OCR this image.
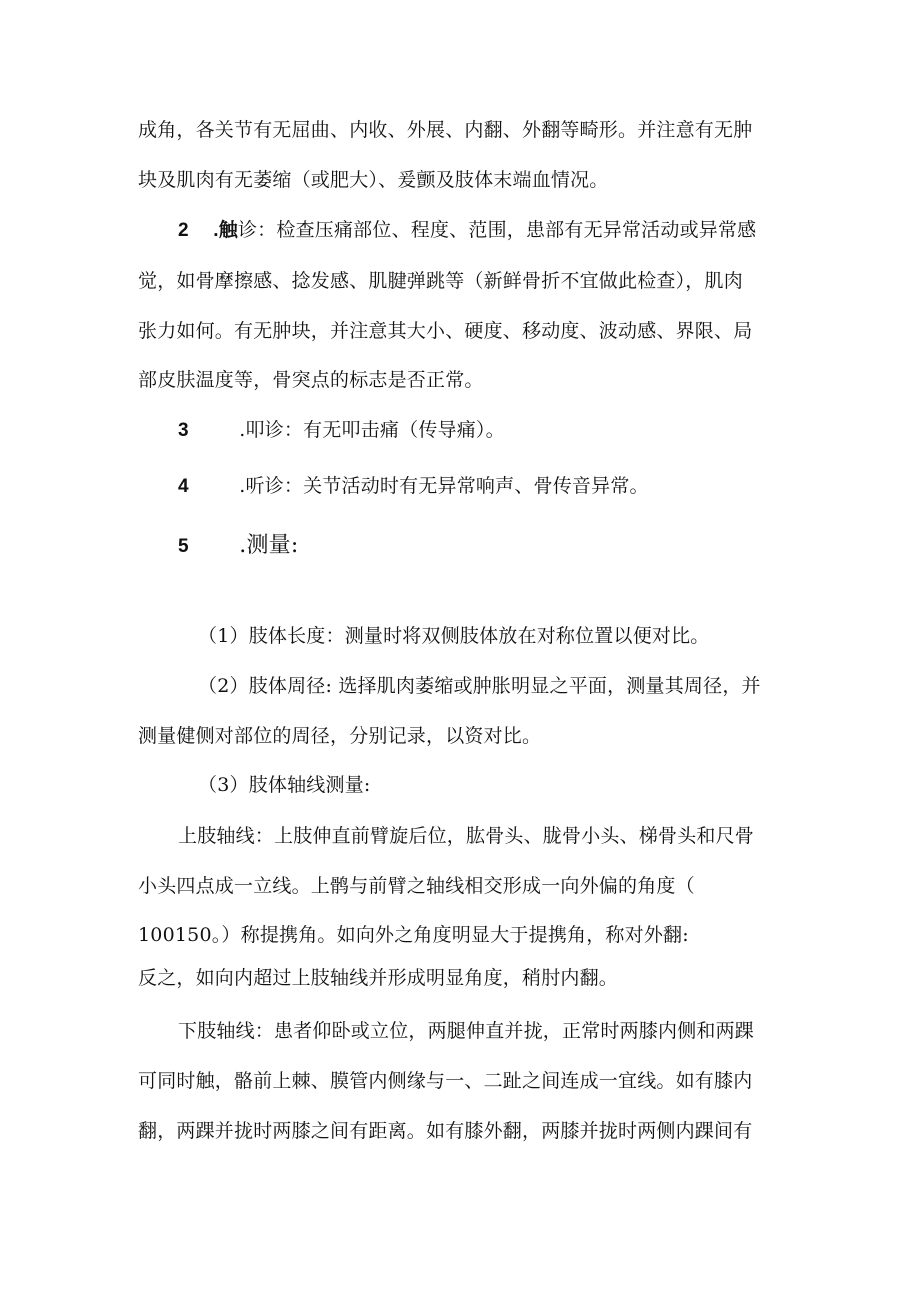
成角，各关节有无屈曲、内收、外展、内翻、外翻等畸形。并注意有无肿
块及肌肉有无萎缩（或肥大）、爰颤及肢体末端血情况。
2 .触诊：检查压痛部位、程度、范围，患部有无异常活动或异常感
觉，如骨摩擦感、捻发感、肌腱弹跳等（新鲜骨折不宜做此检查），肌肉
张力如何。有无肿块，并注意其大小、硬度、移动度、波动感、界限、局
部皮肤温度等，骨突点的标志是否正常。
3	.叩诊：有无叩击痛（传导痛）。
4	.听诊：关节活动时有无异常响声、骨传音异常。
5 .测量:
（1）肢体长度：测量时将双侧肢体放在对称位置以便对比。
（2）肢体周径: 选择肌肉萎缩或肿胀明显之平面，测量其周径，并
测量健侧对部位的周径，分别记录，以资对比。
（3）肢体轴线测量:
上肢轴线：上肢伸直前臂旋后位，肱骨头、胧骨小头、梯骨头和尺骨
小头四点成一立线。上鹘与前臂之轴线相交形成一向外偏的角度（
100150。）称提携角。如向外之角度明显大于提携角，称对外翻:
反之，如向内超过上肢轴线并形成明显角度，稍肘内翻。
下肢轴线：患者仰卧或立位，两腿伸直并拢，正常时两膝内侧和两踝
可同时触，骼前上棘、膜管内侧缘与一、二趾之间连成一宜线。如有膝内
翻，两踝并拢时两膝之间有距离。如有膝外翻，两膝并拢时两侧内踝间有
